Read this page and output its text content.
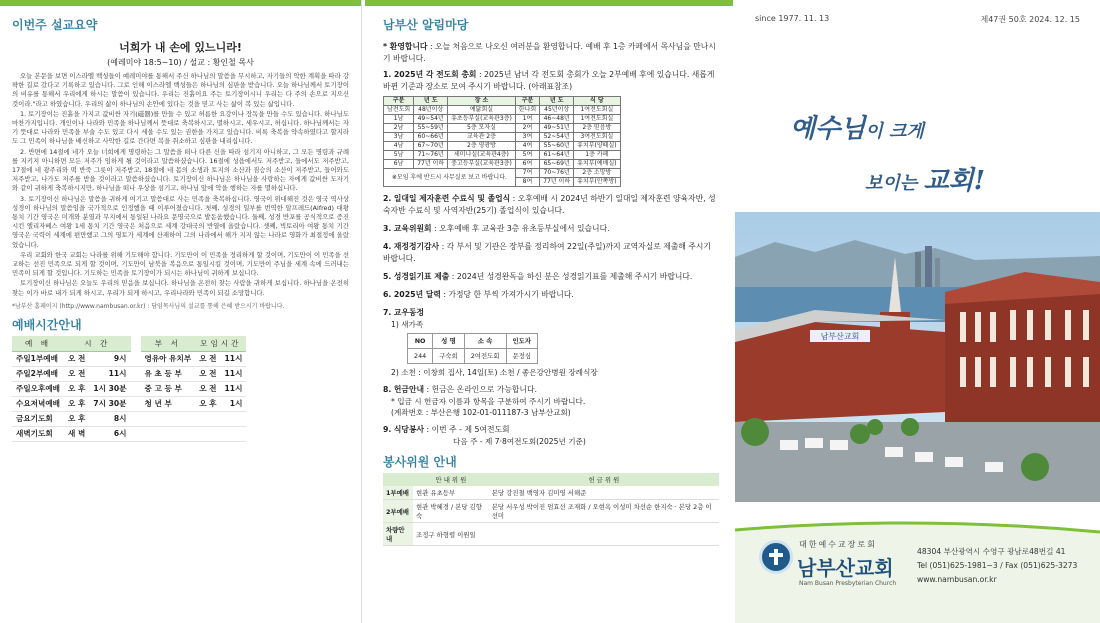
이번주 설교요약
너희가 내 손에 있느니라!
(예레미야 18:5~10) / 설교 : 황인철 목사

오늘 본문을 보면 이스라엘 백성들이 예레미야를 통해서 주신 하나님의 말씀을 무시하고, 자기들의 악한 계획을 따라 강퍅한 길로 갔다고 기록하고 있습니다. 그로 인해 이스라엘 백성들은 하나님의 심판을 받습니다. 오늘 하나님께서 토기장이의 비유를 통해서 우리에게 하시는 말씀이 있습니다. 우리는 진흙이요 주는 토기장이시니 우리는 다 주의 손으로 지으신 것이라."라고 하였습니다. 우리의 삶이 하나님의 손안에 있다는 것을 믿고 사는 삶이 복 있는 삶입니다.

1. 토기장이는 진흙을 가지고 값비싼 자기(磁器)를 만들 수 있고 허름한 요강이나 장독을 만들 수도 있습니다. 하나님도 마찬가지입니다. 개인이나 나라와 민족을 하나님께서 뜻대로 축복하시고, 멸하시고, 세우시고, 허십니다. 하나님께서는 자기 뜻대로 나라와 민족을 부술 수도 있고 다시 세울 수도 있는 권한을 가지고 있습니다. 비록 축복을 약속하였다고 할지라도 그 민족이 하나님을 배신하고 사악한 길로 간다면 복을 취소하고 심판을 내리십니다.

2. 반면에 14절에 네가 오늘 너희에게 명령하는 그 말씀을 떠나 다른 신을 따라 섬기지 아니하고, 그 모든 명령과 규례를 지키지 아니하면 모든 저주가 임하게 될 것이라고 말씀하셨습니다. 16절에 성읍에서도 저주받고, 들에서도 저주받고, 17절에 네 광주리와 떡 반죽 그릇이 저주받고, 18절에 네 몸의 소생과 토지의 소산과 짐승의 소산이 저주받고, 들어와도 저주받고, 나가도 저주를 받을 것이라고 말씀하셨습니다. 토기장이신 하나님은 하나님을 사랑하는 자에게 값비싼 도자기와 같이 귀하게 축복하시지만, 하나님을 떠나 우상을 섬기고, 하나님 앞에 악을 행하는 자를 멸하십니다.

3. 토기장이신 하나님은 말씀을 귀하게 여기고 말씀대로 사는 민족을 축복하십니다. 영국이 위대해진 것은 영국 역사상 성경이 하나님의 말씀임을 국가적으로 인정했을 때 이루어졌습니다. 첫째, 성경의 일부를 번역한 알프레드(Alfred) 대왕 통치 기간 영국은 미개와 분열과 무지에서 통일된 나라요 문명국으로 발돋움했습니다. 둘째, 성경 반포를 공식적으로 증진시킨 엘리자베스 여왕 1세 통치 기간 영국은 처음으로 세계 강대국의 반열에 올랐습니다. 셋째, 빅토리아 여왕 통치 기간 영국은 국력이 세계에 편만했고 그의 영토가 세계에 산재하여 그의 나라에서 해가 지지 않는 나라로 영화가 최절정에 올랐었습니다.

우리 교회와 한국 교회는 나라를 위해 기도해야 합니다. 기도만이 이 민족을 정리하게 할 것이며, 기도만이 이 민족을 선교하는 선진 민족으로 되게 할 것이며, 기도만이 남북을 복음으로 통일시킬 것이며, 기도만이 주님을 세계 속에 드러내는 민족이 되게 할 것입니다. 기도하는 민족을 토기장이가 되시는 하나님이 귀하게 보십니다.

토기장이신 하나님은 오늘도 우리의 믿음을 보십니다. 하나님을 온전히 찾는 사람을 귀하게 보십니다. 하나님을 온전히 찾는 이가 바로 내가 되게 하시고, 우리가 되게 하시고, 우리나라와 민족이 되길 소망합니다.

*남부산 홈페이지 (http://www.nambusan.or.kr) : 담임목사님의 설교를 통해 은혜 받으시기 바랍니다.
예배시간안내
예 배	시 간			부 서	모임시간	
주일1부예배	오 전	9시		영유아 유치부	오 전	11시
주일2부예배	오 전	11시		유 초 등 부	오 전	11시
주일오후예배	오 후	1시 30분		중 고 등 부	오 전	11시
수요저녁예배	오 후	7시 30분		청 년 부	오 후	1시
금요기도회	오 후	8시				
새벽기도회	새 벽	6시				
남부산 알림마당
* 환영합니다 : 오늘 처음으로 나오신 여러분을 환영합니다. 예배 후 1층 카페에서 목사님을 만나시기 바랍니다.
1. 2025년 각 전도회 총회 : 2025년 남녀 각 전도회 총회가 오늘 2부예배 후에 있습니다. 새롭게 바뀐 기준과 장소로 모여 주시기 바랍니다. (아래표참조)
구분	년 도	장 소	구분	년 도	식 당
남전도회	48년이상	예닮회실	한나회	45년이상	1여전도회실
1남	49~54년	유초등부실(교육관3층)	1여	46~48년	1여전도회실
2남	55~59년	5층 모자실	2여	49~51년	2층 믿음방
3남	60~66년	교육관 2층	3여	52~54년	3여전도회실
4남	67~70년	2층 영광방	4여	55~60년	유치부(양떼실)
5남	71~76년	세미나실(교육관4층)	5여	61~64년	1층 카페
6남	77년 이하	중고등부실(교육관3층)	6여	65~69년	유치부(예배실)
※모임 후에 반드시 사무실로 보고 바랍니다.			7여	70~76년	2층 소망방
			8여	77년 이하	유치부(안쪽방)
2. 일대일 제자훈련 수료식 및 졸업식 : 오후예배 시 2024년 하반기 일대일 제자훈련 양육자반, 성숙자반 수료식 및 사역자반(25기) 졸업식이 있습니다.
3. 교육위원회 : 오후예배 후 교육관 3층 유초등부실에서 있습니다.
4. 재정정기감사 : 각 부서 및 기관은 장부를 정리하여 22일(주일)까지 교역자실로 제출해 주시기 바랍니다.
5. 성경읽기표 제출 : 2024년 성경완독을 하신 분은 성경읽기표를 제출해 주시기 바랍니다.
6. 2025년 달력 : 가정당 한 부씩 가져가시기 바랍니다.
7. 교우동정
1) 새가족
NO	성 명	소 속	인도자
244	구숙희	2여전도회	문정심
2) 소천 : 이창희 집사, 14일(토) 소천 / 좋은강안병원 장례식장
8. 헌금안내 : 헌금은 온라인으로 가능합니다.
* 입금 시 헌금자 이름과 항목을 구분하여 주시기 바랍니다.
(계좌번호 : 부산은행 102-01-011187-3 남부산교회)
9. 식당봉사 : 이번 주 - 제 5여전도회
다음 주 - 제 7·8여전도회(2025년 기준)
봉사위원 안내
	안 내 위 원	헌 금 위 원
1부예배	현관 유초등부	본당 강진철 백영자 김미영 서해준
2부예배	현관 박혜경 / 본당 김향숙	본당 서우성 박이진 엄효선 조재화 / 오현옥 이성미 차선순 한지숙 · 본당 2층 이선미
차량안내	조정구 하형렬 이원일	
since 1977. 11. 13	제47권 50호 2024. 12. 15
예수님이 크게
보이는 교회!
남부산교회
대한예수교장로회
남부산교회
Nam Busan Presbyterian Church
48304 부산광역시 수영구 광남로48번길 41
Tel (051)625-1981~3 / Fax (051)625-3273
www.nambusan.or.kr
